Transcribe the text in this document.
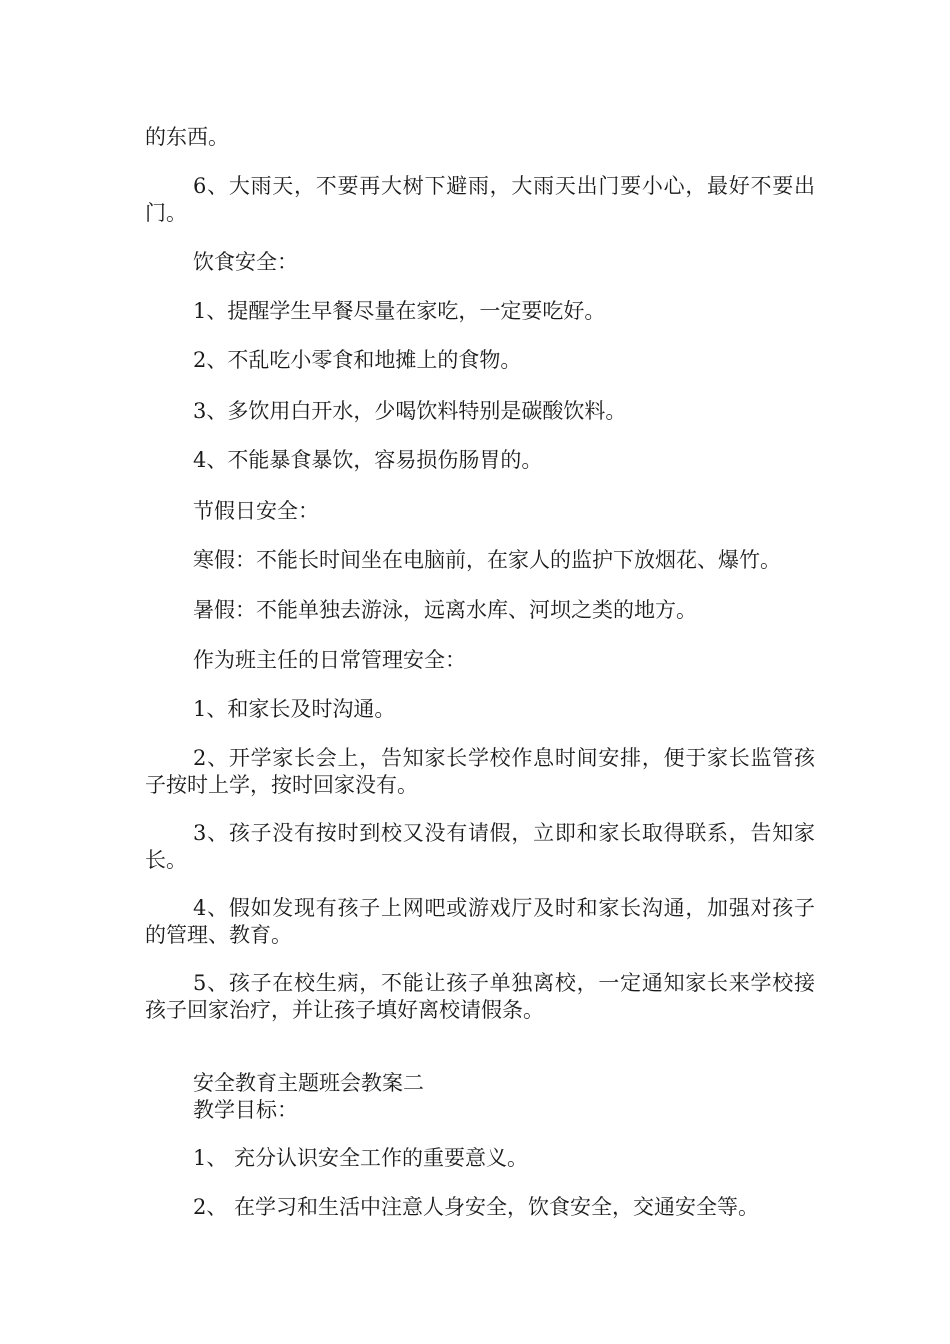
的东西。

6、大雨天，不要再大树下避雨，大雨天出门要小心，最好不要出门。

饮食安全：

1、提醒学生早餐尽量在家吃，一定要吃好。

2、不乱吃小零食和地摊上的食物。

3、多饮用白开水，少喝饮料特别是碳酸饮料。

4、不能暴食暴饮，容易损伤肠胃的。

节假日安全：

寒假：不能长时间坐在电脑前，在家人的监护下放烟花、爆竹。

暑假：不能单独去游泳，远离水库、河坝之类的地方。

作为班主任的日常管理安全：

1、和家长及时沟通。

2、开学家长会上，告知家长学校作息时间安排，便于家长监管孩子按时上学，按时回家没有。

3、孩子没有按时到校又没有请假，立即和家长取得联系，告知家长。

4、假如发现有孩子上网吧或游戏厅及时和家长沟通，加强对孩子的管理、教育。

5、孩子在校生病，不能让孩子单独离校，一定通知家长来学校接孩子回家治疗，并让孩子填好离校请假条。

安全教育主题班会教案二

教学目标：

1、 充分认识安全工作的重要意义。

2、 在学习和生活中注意人身安全，饮食安全，交通安全等。
